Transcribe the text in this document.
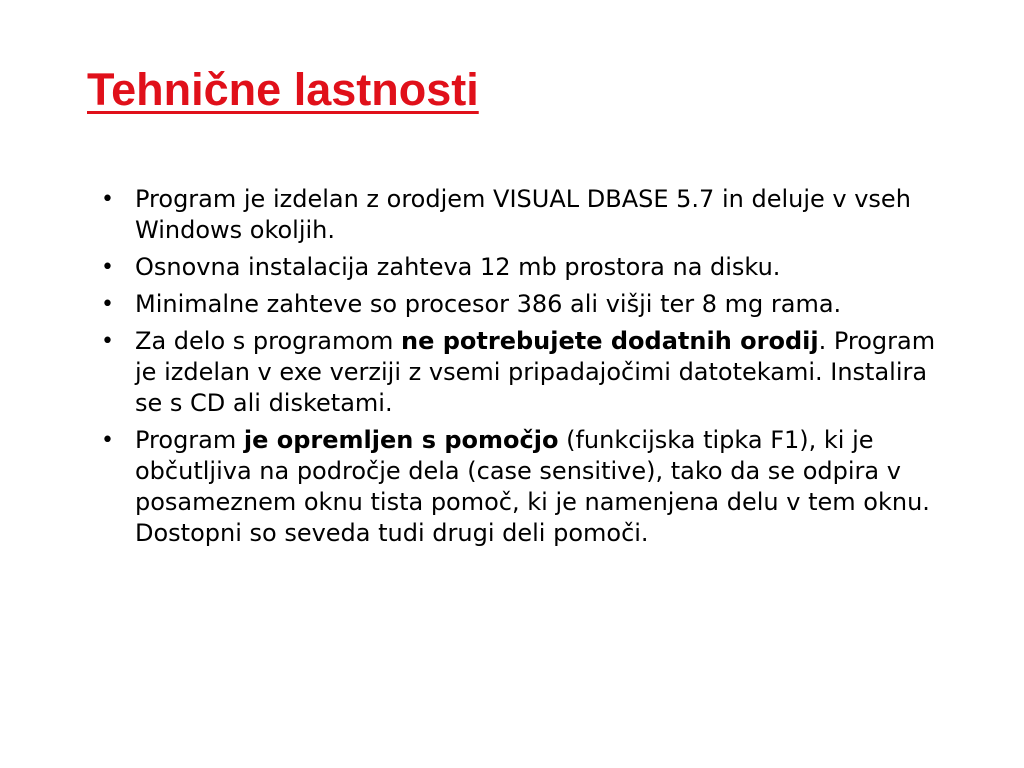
Tehnične lastnosti
• Program je izdelan z orodjem VISUAL DBASE 5.7 in deluje v vseh Windows okoljih.
• Osnovna instalacija zahteva 12 mb prostora na disku.
• Minimalne zahteve so procesor 386 ali višji ter 8 mg rama.
• Za delo s programom ne potrebujete dodatnih orodij. Program je izdelan v exe verziji z vsemi pripadajočimi datotekami. Instalira se s CD ali disketami.
• Program je opremljen s pomočjo (funkcijska tipka F1), ki je občutljiva na področje dela (case sensitive), tako da se odpira v posameznem oknu tista pomoč, ki je namenjena delu v tem oknu. Dostopni so seveda tudi drugi deli pomoči.
